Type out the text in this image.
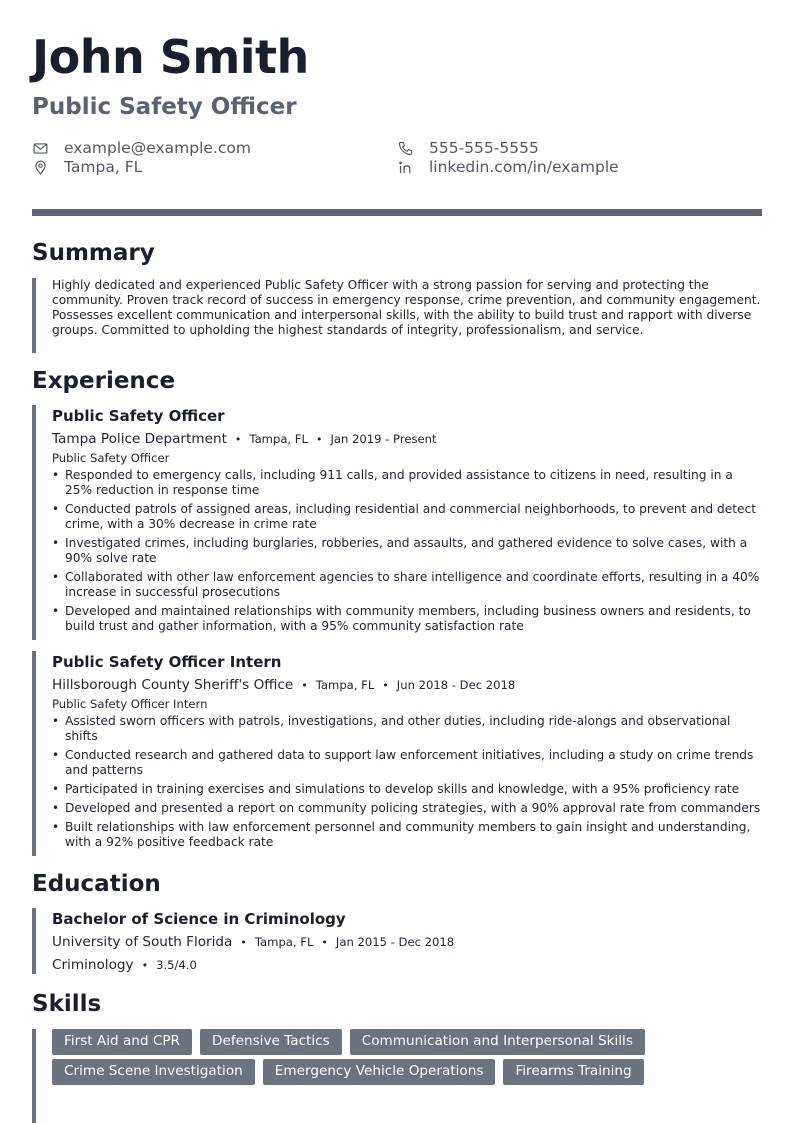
John Smith
Public Safety Officer
example@example.com
Tampa, FL
555-555-5555
linkedin.com/in/example
Summary
Highly dedicated and experienced Public Safety Officer with a strong passion for serving and protecting the community. Proven track record of success in emergency response, crime prevention, and community engagement. Possesses excellent communication and interpersonal skills, with the ability to build trust and rapport with diverse groups. Committed to upholding the highest standards of integrity, professionalism, and service.
Experience
Public Safety Officer
Tampa Police Department • Tampa, FL • Jan 2019 - Present
Public Safety Officer
• Responded to emergency calls, including 911 calls, and provided assistance to citizens in need, resulting in a 25% reduction in response time
• Conducted patrols of assigned areas, including residential and commercial neighborhoods, to prevent and detect crime, with a 30% decrease in crime rate
• Investigated crimes, including burglaries, robberies, and assaults, and gathered evidence to solve cases, with a 90% solve rate
• Collaborated with other law enforcement agencies to share intelligence and coordinate efforts, resulting in a 40% increase in successful prosecutions
• Developed and maintained relationships with community members, including business owners and residents, to build trust and gather information, with a 95% community satisfaction rate
Public Safety Officer Intern
Hillsborough County Sheriff's Office • Tampa, FL • Jun 2018 - Dec 2018
Public Safety Officer Intern
• Assisted sworn officers with patrols, investigations, and other duties, including ride-alongs and observational shifts
• Conducted research and gathered data to support law enforcement initiatives, including a study on crime trends and patterns
• Participated in training exercises and simulations to develop skills and knowledge, with a 95% proficiency rate
• Developed and presented a report on community policing strategies, with a 90% approval rate from commanders
• Built relationships with law enforcement personnel and community members to gain insight and understanding, with a 92% positive feedback rate
Education
Bachelor of Science in Criminology
University of South Florida • Tampa, FL • Jan 2015 - Dec 2018
Criminology • 3.5/4.0
Skills
First Aid and CPR	Defensive Tactics	Communication and Interpersonal Skills
Crime Scene Investigation	Emergency Vehicle Operations	Firearms Training
